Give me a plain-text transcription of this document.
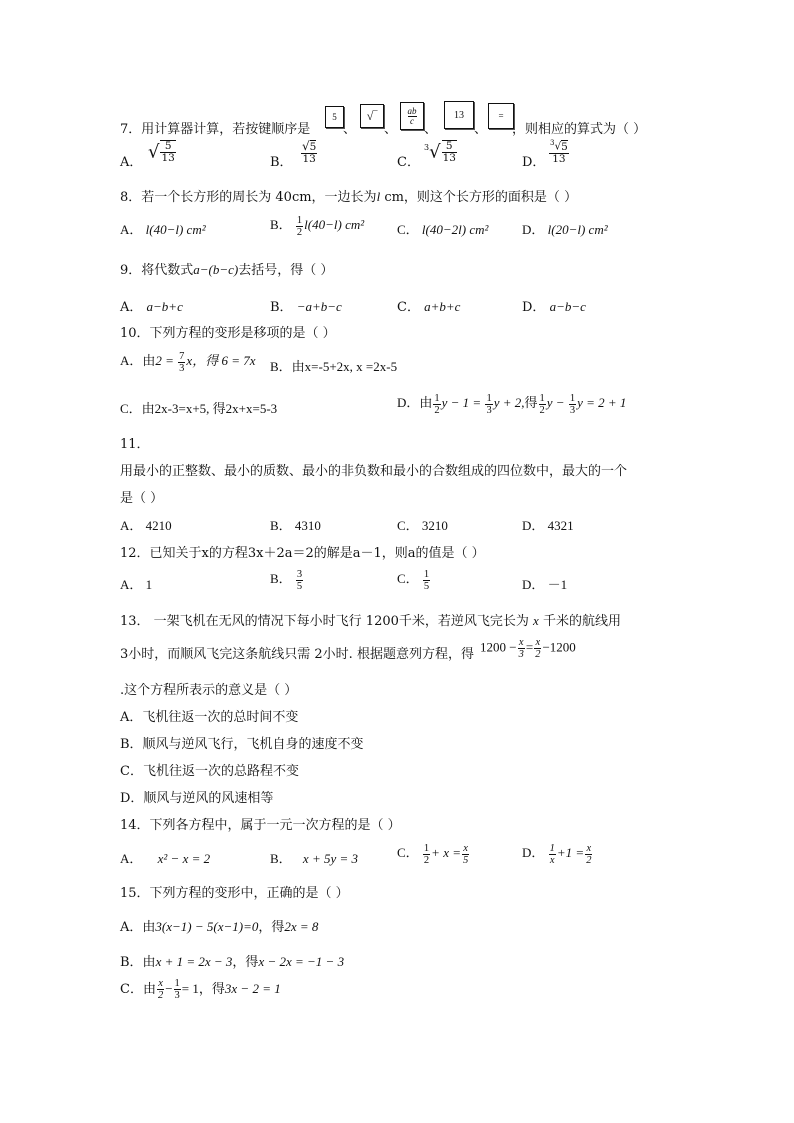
7．用计算器计算，若按键顺序是
5
、
√‾
、
ab
c
、
13
、
=
，则相应的算式为（ ）
A． √ $\frac{5}{13}$	B． $\frac{√5}{13}$	C．
$^3√ \frac{5}{13}$	D． $\frac{^3√5}{13}$
8．若一个长方形的周长为 40cm，一边长为l cm，则这个长方形的面积是（ ）
A． l(40−l) cm²	B． $\frac{1}{2} l(40-l)$ cm²	C． l(40−2l) cm²	D． l(20−l) cm²
9．将代数式a−(b−c)去括号，得（ ）
A． a−b+c	B． −a+b−c	C． a+b+c	D． a−b−c
10．下列方程的变形是移项的是（ ）
A．由$2 = \frac{7}{3}$ x，得 6 = 7x B．由x=-5+2x, x =2x-5
C．由2x-3=x+5, 得2x+x=5-3	D．由 $\frac{1}{2}$ $y - 1 = \frac{1}{3}$ y + 2,得 $\frac{1}{2}$ $y - \frac{1}{3}$ y = 2 + 1
11．
用最小的正整数、最小的质数、最小的非负数和最小的合数组成的四位数中，最大的一个
是（ ）
A． 4210	B． 4310	C． 3210	D． 4321
12．已知关于x的方程3x＋2a＝2的解是a－1，则a的值是（ ）
A． 1	B． $\frac{3}{5}$	C． $\frac{1}{5}$	D． －1
13． 一架飞机在无风的情况下每小时飞行 1200千米，若逆风飞完长为 x 千米的航线用
3小时，而顺风飞完这条航线只需 2小时. 根据题意列方程，得 $1200 - \frac{x}{3} = \frac{x}{2} -1200$
.这个方程所表示的意义是（ ）
A．飞机往返一次的总时间不变
B．顺风与逆风飞行，飞机自身的速度不变
C．飞机往返一次的总路程不变
D．顺风与逆风的风速相等
14．下列各方程中，属于一元一次方程的是（ ）
A． x² − x = 2	B． x + 5y = 3	C． $\frac{1}{2} + x = \frac{x}{5}$	D． $\frac{1}{x} +1 = \frac{x}{2}$
15．下列方程的变形中，正确的是（ ）
A．由3(x−1) − 5(x−1)=0，得2x = 8
B．由x + 1 = 2x − 3，得x − 2x = −1 − 3
C．由 $\frac{x}{2} - \frac{1}{3} = 1$，得3x − 2 = 1
